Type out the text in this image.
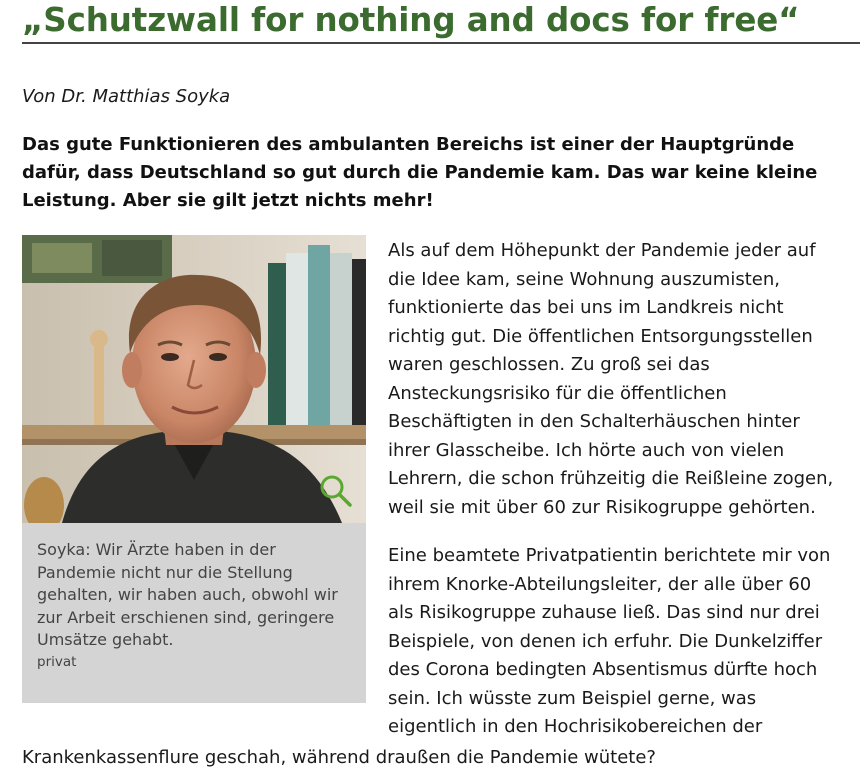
„Schutzwall for nothing and docs for free“
Von Dr. Matthias Soyka

Das gute Funktionieren des ambulanten Bereichs ist einer der Hauptgründe dafür, dass Deutschland so gut durch die Pandemie kam. Das war keine kleine Leistung. Aber sie gilt jetzt nichts mehr!

Soyka: Wir Ärzte haben in der Pandemie nicht nur die Stellung gehalten, wir haben auch, obwohl wir zur Arbeit erschienen sind, geringere Umsätze gehabt.
privat

Als auf dem Höhepunkt der Pandemie jeder auf
die Idee kam, seine Wohnung auszumisten,
funktionierte das bei uns im Landkreis nicht
richtig gut. Die öffentlichen Entsorgungsstellen
waren geschlossen. Zu groß sei das
Ansteckungsrisiko für die öffentlichen
Beschäftigten in den Schalterhäuschen hinter
ihrer Glasscheibe. Ich hörte auch von vielen
Lehrern, die schon frühzeitig die Reißleine zogen,
weil sie mit über 60 zur Risikogruppe gehörten.

Eine beamtete Privatpatientin berichtete mir von
ihrem Knorke-Abteilungsleiter, der alle über 60
als Risikogruppe zuhause ließ. Das sind nur drei
Beispiele, von denen ich erfuhr. Die Dunkelziffer
des Corona bedingten Absentismus dürfte hoch
sein. Ich wüsste zum Beispiel gerne, was
eigentlich in den Hochrisikobereichen der

Krankenkassenflure geschah, während draußen die Pandemie wütete?
